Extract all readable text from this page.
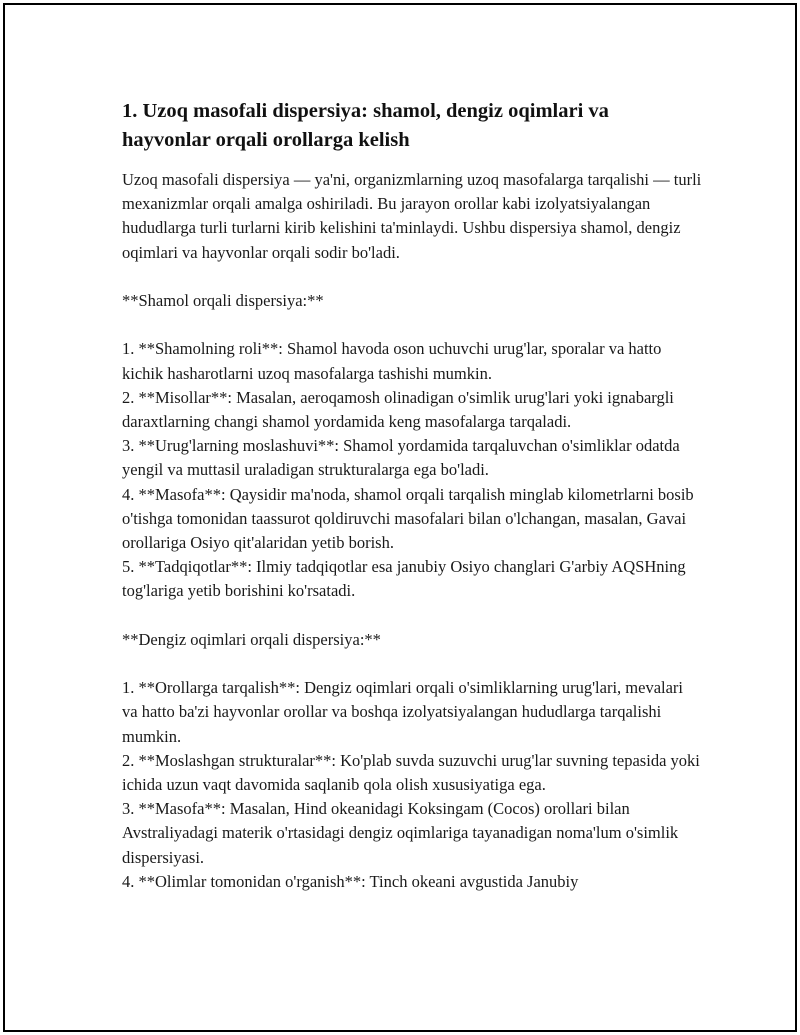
1. Uzoq masofali dispersiya: shamol, dengiz oqimlari va hayvonlar orqali orollarga kelish

Uzoq masofali dispersiya — ya'ni, organizmlarning uzoq masofalarga tarqalishi — turli mexanizmlar orqali amalga oshiriladi. Bu jarayon orollar kabi izolyatsiyalangan hududlarga turli turlarni kirib kelishini ta'minlaydi. Ushbu dispersiya shamol, dengiz oqimlari va hayvonlar orqali sodir bo'ladi.

**Shamol orqali dispersiya:**

1. **Shamolning roli**: Shamol havoda oson uchuvchi urug'lar, sporalar va hatto kichik hasharotlarni uzoq masofalarga tashishi mumkin.

2. **Misollar**: Masalan, aeroqamosh olinadigan o'simlik urug'lari yoki ignabargli daraxtlarning changi shamol yordamida keng masofalarga tarqaladi.

3. **Urug'larning moslashuvi**: Shamol yordamida tarqaluvchan o'simliklar odatda yengil va muttasil uraladigan strukturalarga ega bo'ladi.

4. **Masofa**: Qaysidir ma'noda, shamol orqali tarqalish minglab kilometrlarni bosib o'tishga tomonidan taassurot qoldiruvchi masofalari bilan o'lchangan, masalan, Gavai orollariga Osiyo qit'alaridan yetib borish.

5. **Tadqiqotlar**: Ilmiy tadqiqotlar esa janubiy Osiyo changlari G'arbiy AQSHning tog'lariga yetib borishini ko'rsatadi.

**Dengiz oqimlari orqali dispersiya:**

1. **Orollarga tarqalish**: Dengiz oqimlari orqali o'simliklarning urug'lari, mevalari va hatto ba'zi hayvonlar orollar va boshqa izolyatsiyalangan hududlarga tarqalishi mumkin.

2. **Moslashgan strukturalar**: Ko'plab suvda suzuvchi urug'lar suvning tepasida yoki ichida uzun vaqt davomida saqlanib qola olish xususiyatiga ega.

3. **Masofa**: Masalan, Hind okeanidagi Koksingam (Cocos) orollari bilan Avstraliyadagi materik o'rtasidagi dengiz oqimlariga tayanadigan noma'lum o'simlik dispersiyasi.

4. **Olimlar tomonidan o'rganish**: Tinch okeani avgustida Janubiy
